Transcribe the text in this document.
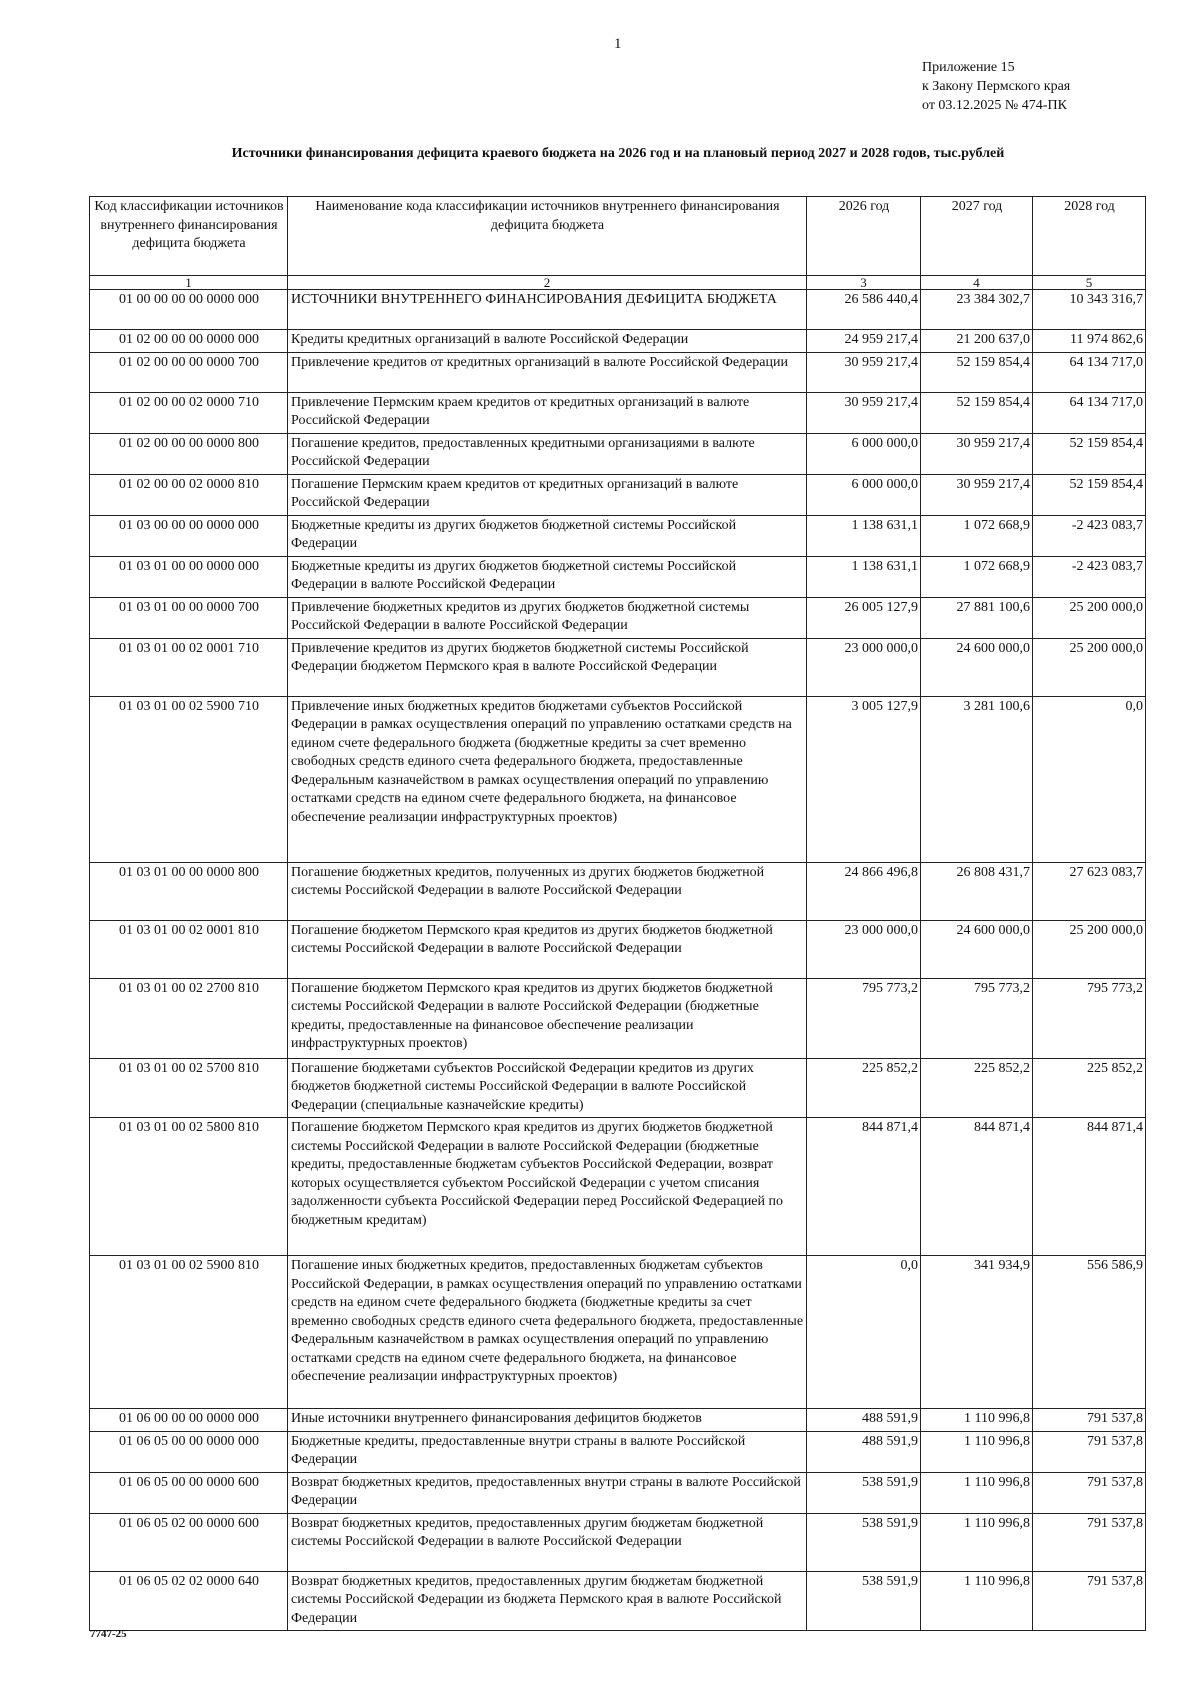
1
Приложение 15
к Закону Пермского края
от 03.12.2025 № 474-ПК
Источники финансирования дефицита краевого бюджета на 2026 год и на плановый период 2027 и 2028 годов, тыс.рублей
Код классификации источников внутреннего финансирования дефицита бюджета	Наименование кода классификации источников внутреннего финансирования дефицита бюджета	2026 год	2027 год	2028 год
1	2	3	4	5
01 00 00 00 00 0000 000	ИСТОЧНИКИ ВНУТРЕННЕГО ФИНАНСИРОВАНИЯ ДЕФИЦИТА БЮДЖЕТА	26 586 440,4	23 384 302,7	10 343 316,7
01 02 00 00 00 0000 000	Кредиты кредитных организаций в валюте Российской Федерации	24 959 217,4	21 200 637,0	11 974 862,6
01 02 00 00 00 0000 700	Привлечение кредитов от кредитных организаций в валюте Российской Федерации	30 959 217,4	52 159 854,4	64 134 717,0
01 02 00 00 02 0000 710	Привлечение Пермским краем кредитов от кредитных организаций в валюте Российской Федерации	30 959 217,4	52 159 854,4	64 134 717,0
01 02 00 00 00 0000 800	Погашение кредитов, предоставленных кредитными организациями в валюте Российской Федерации	6 000 000,0	30 959 217,4	52 159 854,4
01 02 00 00 02 0000 810	Погашение Пермским краем кредитов от кредитных организаций в валюте Российской Федерации	6 000 000,0	30 959 217,4	52 159 854,4
01 03 00 00 00 0000 000	Бюджетные кредиты из других бюджетов бюджетной системы Российской Федерации	1 138 631,1	1 072 668,9	-2 423 083,7
01 03 01 00 00 0000 000	Бюджетные кредиты из других бюджетов бюджетной системы Российской Федерации в валюте Российской Федерации	1 138 631,1	1 072 668,9	-2 423 083,7
01 03 01 00 00 0000 700	Привлечение бюджетных кредитов из других бюджетов бюджетной системы Российской Федерации в валюте Российской Федерации	26 005 127,9	27 881 100,6	25 200 000,0
01 03 01 00 02 0001 710	Привлечение кредитов из других бюджетов бюджетной системы Российской Федерации бюджетом Пермского края в валюте Российской Федерации	23 000 000,0	24 600 000,0	25 200 000,0
01 03 01 00 02 5900 710	Привлечение иных бюджетных кредитов бюджетами субъектов Российской Федерации в рамках осуществления операций по управлению остатками средств на едином счете федерального бюджета (бюджетные кредиты за счет временно свободных средств единого счета федерального бюджета, предоставленные Федеральным казначейством в рамках осуществления операций по управлению остатками средств на едином счете федерального бюджета, на финансовое обеспечение реализации инфраструктурных проектов)	3 005 127,9	3 281 100,6	0,0
01 03 01 00 00 0000 800	Погашение бюджетных кредитов, полученных из других бюджетов бюджетной системы Российской Федерации в валюте Российской Федерации	24 866 496,8	26 808 431,7	27 623 083,7
01 03 01 00 02 0001 810	Погашение бюджетом Пермского края кредитов из других бюджетов бюджетной системы Российской Федерации в валюте Российской Федерации	23 000 000,0	24 600 000,0	25 200 000,0
01 03 01 00 02 2700 810	Погашение бюджетом Пермского края кредитов из других бюджетов бюджетной системы Российской Федерации в валюте Российской Федерации (бюджетные кредиты, предоставленные на финансовое обеспечение реализации инфраструктурных проектов)	795 773,2	795 773,2	795 773,2
01 03 01 00 02 5700 810	Погашение бюджетами субъектов Российской Федерации кредитов из других бюджетов бюджетной системы Российской Федерации в валюте Российской Федерации (специальные казначейские кредиты)	225 852,2	225 852,2	225 852,2
01 03 01 00 02 5800 810	Погашение бюджетом Пермского края кредитов из других бюджетов бюджетной системы Российской Федерации в валюте Российской Федерации (бюджетные кредиты, предоставленные бюджетам субъектов Российской Федерации, возврат которых осуществляется субъектом Российской Федерации с учетом списания задолженности субъекта Российской Федерации перед Российской Федерацией по бюджетным кредитам)	844 871,4	844 871,4	844 871,4
01 03 01 00 02 5900 810	Погашение иных бюджетных кредитов, предоставленных бюджетам субъектов Российской Федерации, в рамках осуществления операций по управлению остатками средств на едином счете федерального бюджета (бюджетные кредиты за счет временно свободных средств единого счета федерального бюджета, предоставленные Федеральным казначейством в рамках осуществления операций по управлению остатками средств на едином счете федерального бюджета, на финансовое обеспечение реализации инфраструктурных проектов)	0,0	341 934,9	556 586,9
01 06 00 00 00 0000 000	Иные источники внутреннего финансирования дефицитов бюджетов	488 591,9	1 110 996,8	791 537,8
01 06 05 00 00 0000 000	Бюджетные кредиты, предоставленные внутри страны в валюте Российской Федерации	488 591,9	1 110 996,8	791 537,8
01 06 05 00 00 0000 600	Возврат бюджетных кредитов, предоставленных внутри страны в валюте Российской Федерации	538 591,9	1 110 996,8	791 537,8
01 06 05 02 00 0000 600	Возврат бюджетных кредитов, предоставленных другим бюджетам бюджетной системы Российской Федерации в валюте Российской Федерации	538 591,9	1 110 996,8	791 537,8
01 06 05 02 02 0000 640	Возврат бюджетных кредитов, предоставленных другим бюджетам бюджетной системы Российской Федерации из бюджета Пермского края в валюте Российской Федерации	538 591,9	1 110 996,8	791 537,8
7747-25
